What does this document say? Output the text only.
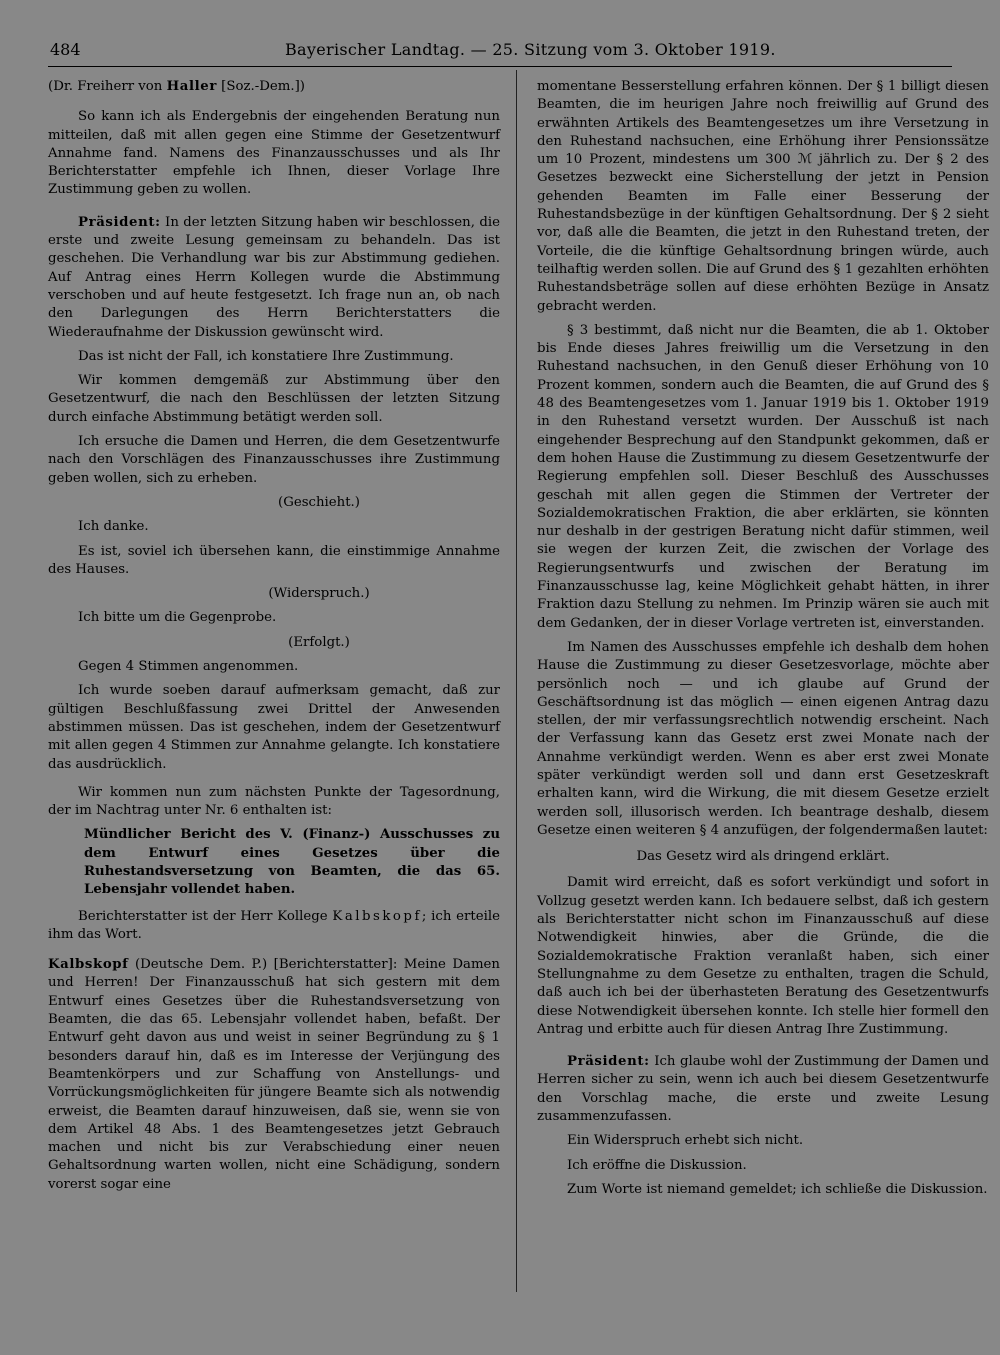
484	Bayerischer Landtag. — 25. Sitzung vom 3. Oktober 1919.

(Dr. Freiherr von Haller [Soz.-Dem.])

So kann ich als Endergebnis der eingehenden Beratung nun mitteilen, daß mit allen gegen eine Stimme der Gesetzentwurf Annahme fand. Namens des Finanzausschusses und als Ihr Berichterstatter empfehle ich Ihnen, dieser Vorlage Ihre Zustimmung geben zu wollen.

Präsident: In der letzten Sitzung haben wir beschlossen, die erste und zweite Lesung gemeinsam zu behandeln. Das ist geschehen. Die Verhandlung war bis zur Abstimmung gediehen. Auf Antrag eines Herrn Kollegen wurde die Abstimmung verschoben und auf heute festgesetzt. Ich frage nun an, ob nach den Darlegungen des Herrn Berichterstatters die Wiederaufnahme der Diskussion gewünscht wird.

Das ist nicht der Fall, ich konstatiere Ihre Zustimmung.

Wir kommen demgemäß zur Abstimmung über den Gesetzentwurf, die nach den Beschlüssen der letzten Sitzung durch einfache Abstimmung betätigt werden soll.

Ich ersuche die Damen und Herren, die dem Gesetzentwurfe nach den Vorschlägen des Finanzausschusses ihre Zustimmung geben wollen, sich zu erheben.

(Geschieht.)

Ich danke.

Es ist, soviel ich übersehen kann, die einstimmige Annahme des Hauses.

(Widerspruch.)

Ich bitte um die Gegenprobe.

(Erfolgt.)

Gegen 4 Stimmen angenommen.

Ich wurde soeben darauf aufmerksam gemacht, daß zur gültigen Beschlußfassung zwei Drittel der Anwesenden abstimmen müssen. Das ist geschehen, indem der Gesetzentwurf mit allen gegen 4 Stimmen zur Annahme gelangte. Ich konstatiere das ausdrücklich.

Wir kommen nun zum nächsten Punkte der Tagesordnung, der im Nachtrag unter Nr. 6 enthalten ist:

Mündlicher Bericht des V. (Finanz-) Ausschusses zu dem Entwurf eines Gesetzes über die Ruhestandsversetzung von Beamten, die das 65. Lebensjahr vollendet haben.

Berichterstatter ist der Herr Kollege Kalbskopf; ich erteile ihm das Wort.

Kalbskopf (Deutsche Dem. P.) [Berichterstatter]: Meine Damen und Herren! Der Finanzausschuß hat sich gestern mit dem Entwurf eines Gesetzes über die Ruhestandsversetzung von Beamten, die das 65. Lebensjahr vollendet haben, befaßt. Der Entwurf geht davon aus und weist in seiner Begründung zu § 1 besonders darauf hin, daß es im Interesse der Verjüngung des Beamtenkörpers und zur Schaffung von Anstellungs- und Vorrückungsmöglichkeiten für jüngere Beamte sich als notwendig erweist, die Beamten darauf hinzuweisen, daß sie, wenn sie von dem Artikel 48 Abs. 1 des Beamtengesetzes jetzt Gebrauch machen und nicht bis zur Verabschiedung einer neuen Gehaltsordnung warten wollen, nicht eine Schädigung, sondern vorerst sogar eine

momentane Besserstellung erfahren können. Der § 1 billigt diesen Beamten, die im heurigen Jahre noch freiwillig auf Grund des erwähnten Artikels des Beamtengesetzes um ihre Versetzung in den Ruhestand nachsuchen, eine Erhöhung ihrer Pensionssätze um 10 Prozent, mindestens um 300 ℳ jährlich zu. Der § 2 des Gesetzes bezweckt eine Sicherstellung der jetzt in Pension gehenden Beamten im Falle einer Besserung der Ruhestandsbezüge in der künftigen Gehaltsordnung. Der § 2 sieht vor, daß alle die Beamten, die jetzt in den Ruhestand treten, der Vorteile, die die künftige Gehaltsordnung bringen würde, auch teilhaftig werden sollen. Die auf Grund des § 1 gezahlten erhöhten Ruhestandsbeträge sollen auf diese erhöhten Bezüge in Ansatz gebracht werden.

§ 3 bestimmt, daß nicht nur die Beamten, die ab 1. Oktober bis Ende dieses Jahres freiwillig um die Versetzung in den Ruhestand nachsuchen, in den Genuß dieser Erhöhung von 10 Prozent kommen, sondern auch die Beamten, die auf Grund des § 48 des Beamtengesetzes vom 1. Januar 1919 bis 1. Oktober 1919 in den Ruhestand versetzt wurden. Der Ausschuß ist nach eingehender Besprechung auf den Standpunkt gekommen, daß er dem hohen Hause die Zustimmung zu diesem Gesetzentwurfe der Regierung empfehlen soll. Dieser Beschluß des Ausschusses geschah mit allen gegen die Stimmen der Vertreter der Sozialdemokratischen Fraktion, die aber erklärten, sie könnten nur deshalb in der gestrigen Beratung nicht dafür stimmen, weil sie wegen der kurzen Zeit, die zwischen der Vorlage des Regierungsentwurfs und zwischen der Beratung im Finanzausschusse lag, keine Möglichkeit gehabt hätten, in ihrer Fraktion dazu Stellung zu nehmen. Im Prinzip wären sie auch mit dem Gedanken, der in dieser Vorlage vertreten ist, einverstanden.

Im Namen des Ausschusses empfehle ich deshalb dem hohen Hause die Zustimmung zu dieser Gesetzesvorlage, möchte aber persönlich noch — und ich glaube auf Grund der Geschäftsordnung ist das möglich — einen eigenen Antrag dazu stellen, der mir verfassungsrechtlich notwendig erscheint. Nach der Verfassung kann das Gesetz erst zwei Monate nach der Annahme verkündigt werden. Wenn es aber erst zwei Monate später verkündigt werden soll und dann erst Gesetzeskraft erhalten kann, wird die Wirkung, die mit diesem Gesetze erzielt werden soll, illusorisch werden. Ich beantrage deshalb, diesem Gesetze einen weiteren § 4 anzufügen, der folgendermaßen lautet:

Das Gesetz wird als dringend erklärt.

Damit wird erreicht, daß es sofort verkündigt und sofort in Vollzug gesetzt werden kann. Ich bedauere selbst, daß ich gestern als Berichterstatter nicht schon im Finanzausschuß auf diese Notwendigkeit hinwies, aber die Gründe, die die Sozialdemokratische Fraktion veranlaßt haben, sich einer Stellungnahme zu dem Gesetze zu enthalten, tragen die Schuld, daß auch ich bei der überhasteten Beratung des Gesetzentwurfs diese Notwendigkeit übersehen konnte. Ich stelle hier formell den Antrag und erbitte auch für diesen Antrag Ihre Zustimmung.

Präsident: Ich glaube wohl der Zustimmung der Damen und Herren sicher zu sein, wenn ich auch bei diesem Gesetzentwurfe den Vorschlag mache, die erste und zweite Lesung zusammenzufassen.

Ein Widerspruch erhebt sich nicht.

Ich eröffne die Diskussion.

Zum Worte ist niemand gemeldet; ich schließe die Diskussion.
